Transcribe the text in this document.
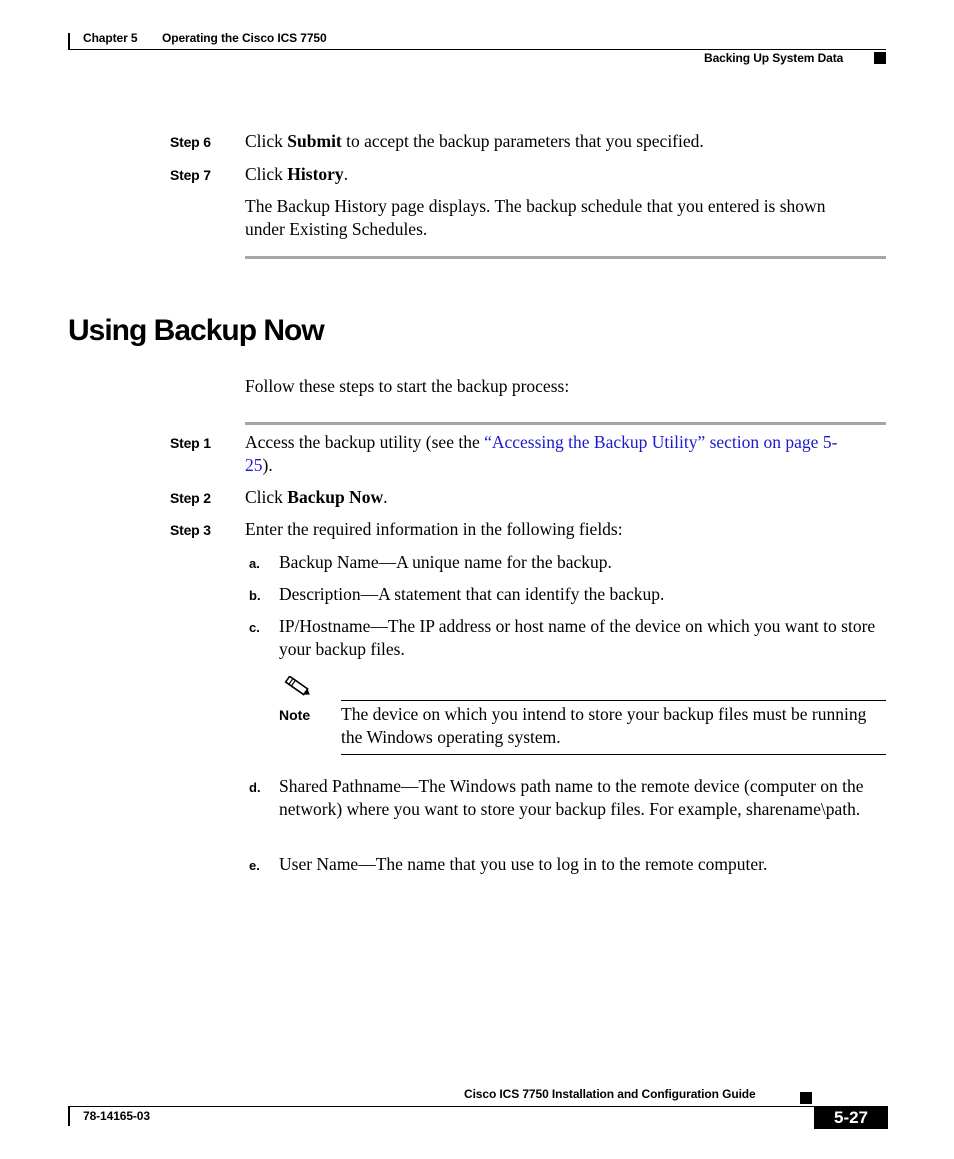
Chapter 5 Operating the Cisco ICS 7750
Backing Up System Data
Step 6 Click Submit to accept the backup parameters that you specified.
Step 7 Click History.
The Backup History page displays. The backup schedule that you entered is shown under Existing Schedules.
Using Backup Now
Follow these steps to start the backup process:
Step 1 Access the backup utility (see the “Accessing the Backup Utility” section on page 5-25).
Step 2 Click Backup Now.
Step 3 Enter the required information in the following fields:
a. Backup Name—A unique name for the backup.
b. Description—A statement that can identify the backup.
c. IP/Hostname—The IP address or host name of the device on which you want to store your backup files.
Note The device on which you intend to store your backup files must be running the Windows operating system.
d. Shared Pathname—The Windows path name to the remote device (computer on the network) where you want to store your backup files. For example, sharename\path.
e. User Name—The name that you use to log in to the remote computer.
Cisco ICS 7750 Installation and Configuration Guide
78-14165-03	5-27
